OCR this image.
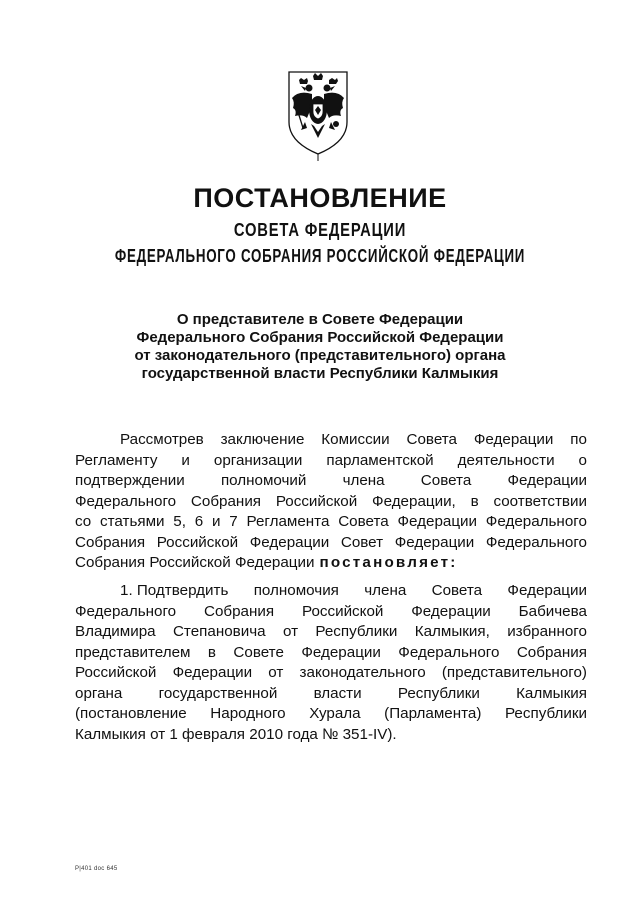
ПОСТАНОВЛЕНИЕ
СОВЕТА ФЕДЕРАЦИИ
ФЕДЕРАЛЬНОГО СОБРАНИЯ РОССИЙСКОЙ ФЕДЕРАЦИИ
О представителе в Совете Федерации
Федерального Собрания Российской Федерации
от законодательного (представительного) органа
государственной власти Республики Калмыкия
Рассмотрев заключение Комиссии Совета Федерации по
Регламенту и организации парламентской деятельности о
подтверждении полномочий члена Совета Федерации
Федерального Собрания Российской Федерации, в соответствии
со статьями 5, 6 и 7 Регламента Совета Федерации Федерального
Собрания Российской Федерации Совет Федерации Федерального
Собрания Российской Федерации постановляет:
1. Подтвердить полномочия члена Совета Федерации
Федерального Собрания Российской Федерации Бабичева
Владимира Степановича от Республики Калмыкия, избранного
представителем в Совете Федерации Федерального Собрания
Российской Федерации от законодательного (представительного)
органа государственной власти Республики Калмыкия
(постановление Народного Хурала (Парламента) Республики
Калмыкия от 1 февраля 2010 года № 351-IV).
Р|401 doc 645
